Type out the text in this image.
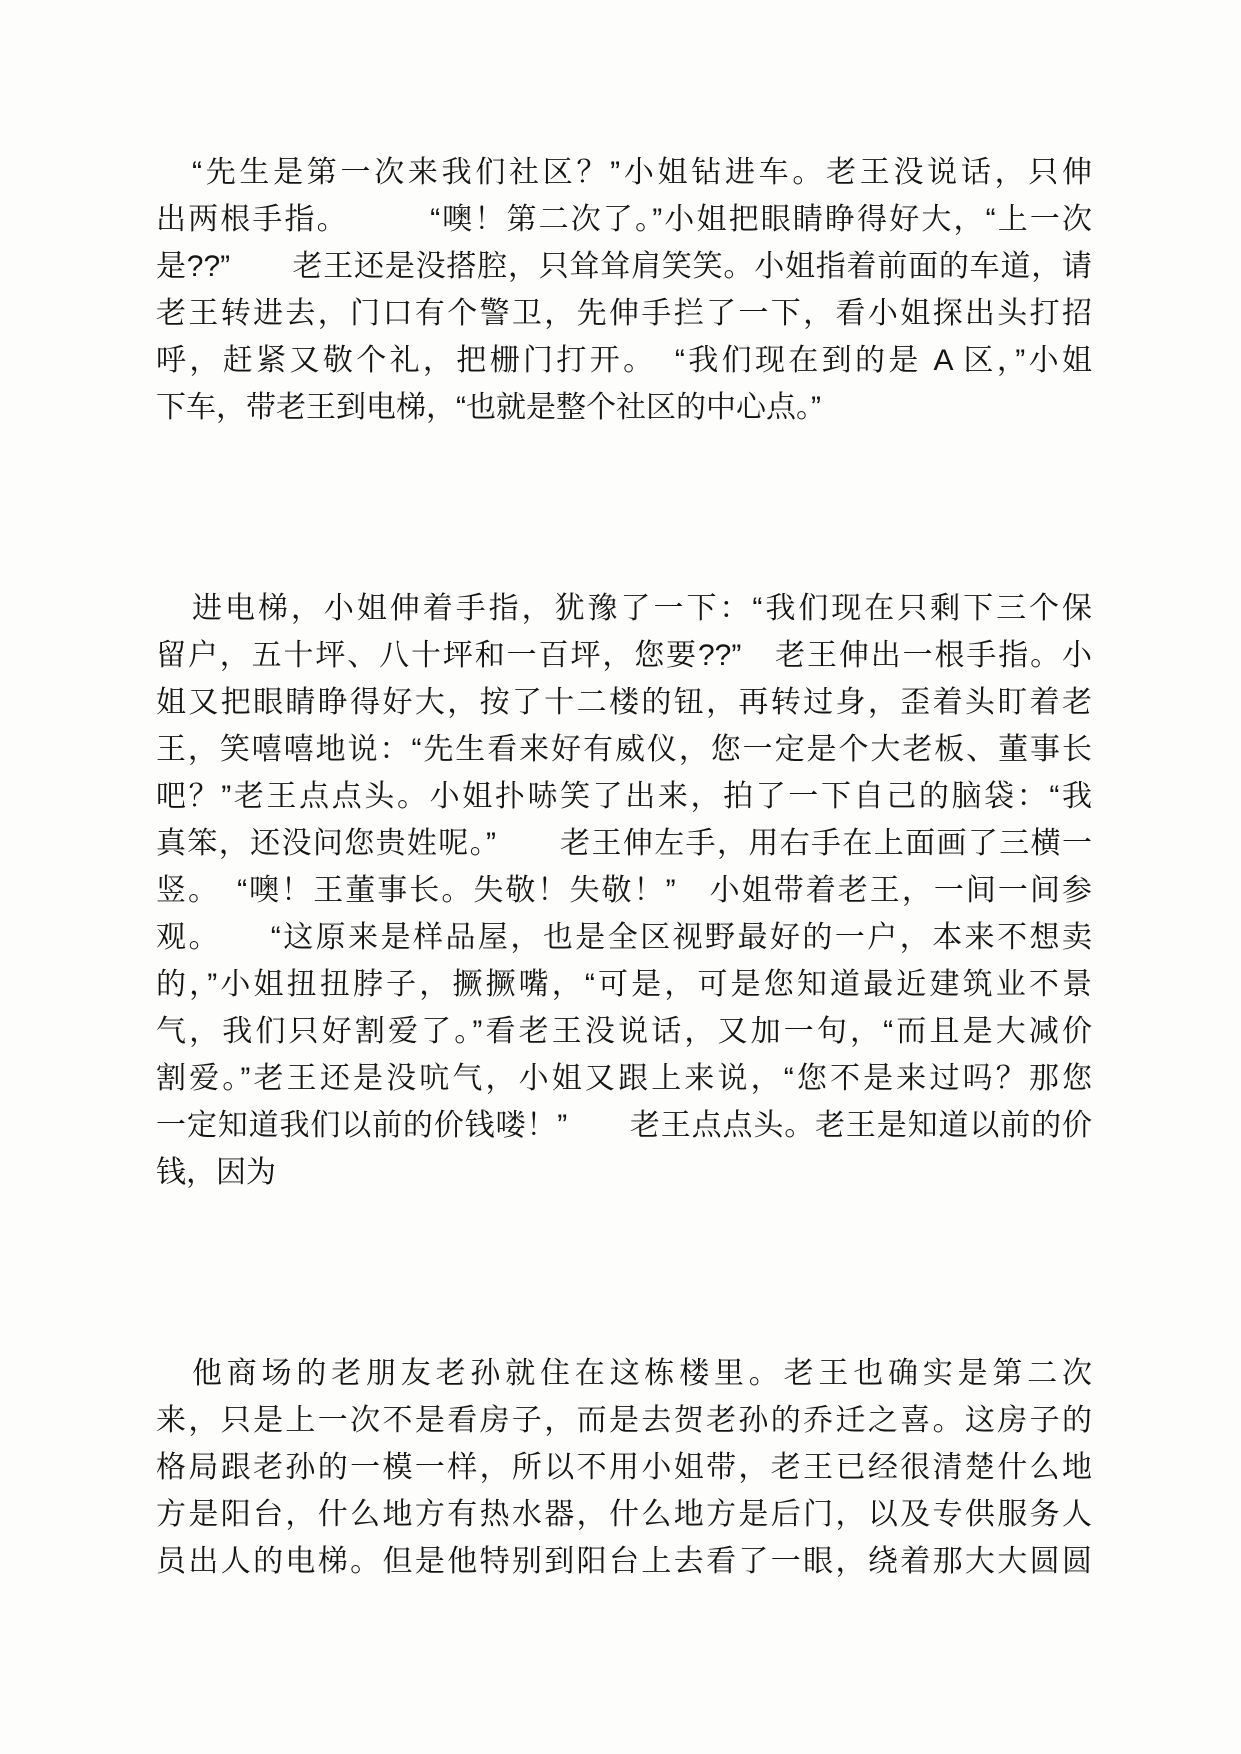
“先生是第一次来我们社区？”小姐钻进车。老王没说话，只伸
出两根手指。　　　“噢！第二次了。”小姐把眼睛睁得好大，“上一次
是??”　　老王还是没搭腔，只耸耸肩笑笑。小姐指着前面的车道，请
老王转进去，门口有个警卫，先伸手拦了一下，看小姐探出头打招
呼，赶紧又敬个礼，把栅门打开。　“我们现在到的是 A 区，”小姐
下车，带老王到电梯，“也就是整个社区的中心点。”
进电梯，小姐伸着手指，犹豫了一下：“我们现在只剩下三个保
留户，五十坪、八十坪和一百坪，您要??”　老王伸出一根手指。小
姐又把眼睛睁得好大，按了十二楼的钮，再转过身，歪着头盯着老
王，笑嘻嘻地说：“先生看来好有威仪，您一定是个大老板、董事长
吧？”老王点点头。小姐扑哧笑了出来，拍了一下自己的脑袋：“我
真笨，还没问您贵姓呢。”　　老王伸左手，用右手在上面画了三横一
竖。　“噢！王董事长。失敬！失敬！”　小姐带着老王，一间一间参
观。　　“这原来是样品屋，也是全区视野最好的一户，本来不想卖
的，”小姐扭扭脖子，撅撅嘴，“可是，可是您知道最近建筑业不景
气，我们只好割爱了。”看老王没说话，又加一句，“而且是大减价
割爱。”老王还是没吭气，小姐又跟上来说，“您不是来过吗？那您
一定知道我们以前的价钱喽！”　　老王点点头。老王是知道以前的价
钱，因为
他商场的老朋友老孙就住在这栋楼里。老王也确实是第二次
来，只是上一次不是看房子，而是去贺老孙的乔迁之喜。这房子的
格局跟老孙的一模一样，所以不用小姐带，老王已经很清楚什么地
方是阳台，什么地方有热水器，什么地方是后门，以及专供服务人
员出人的电梯。但是他特别到阳台上去看了一眼，绕着那大大圆圆
